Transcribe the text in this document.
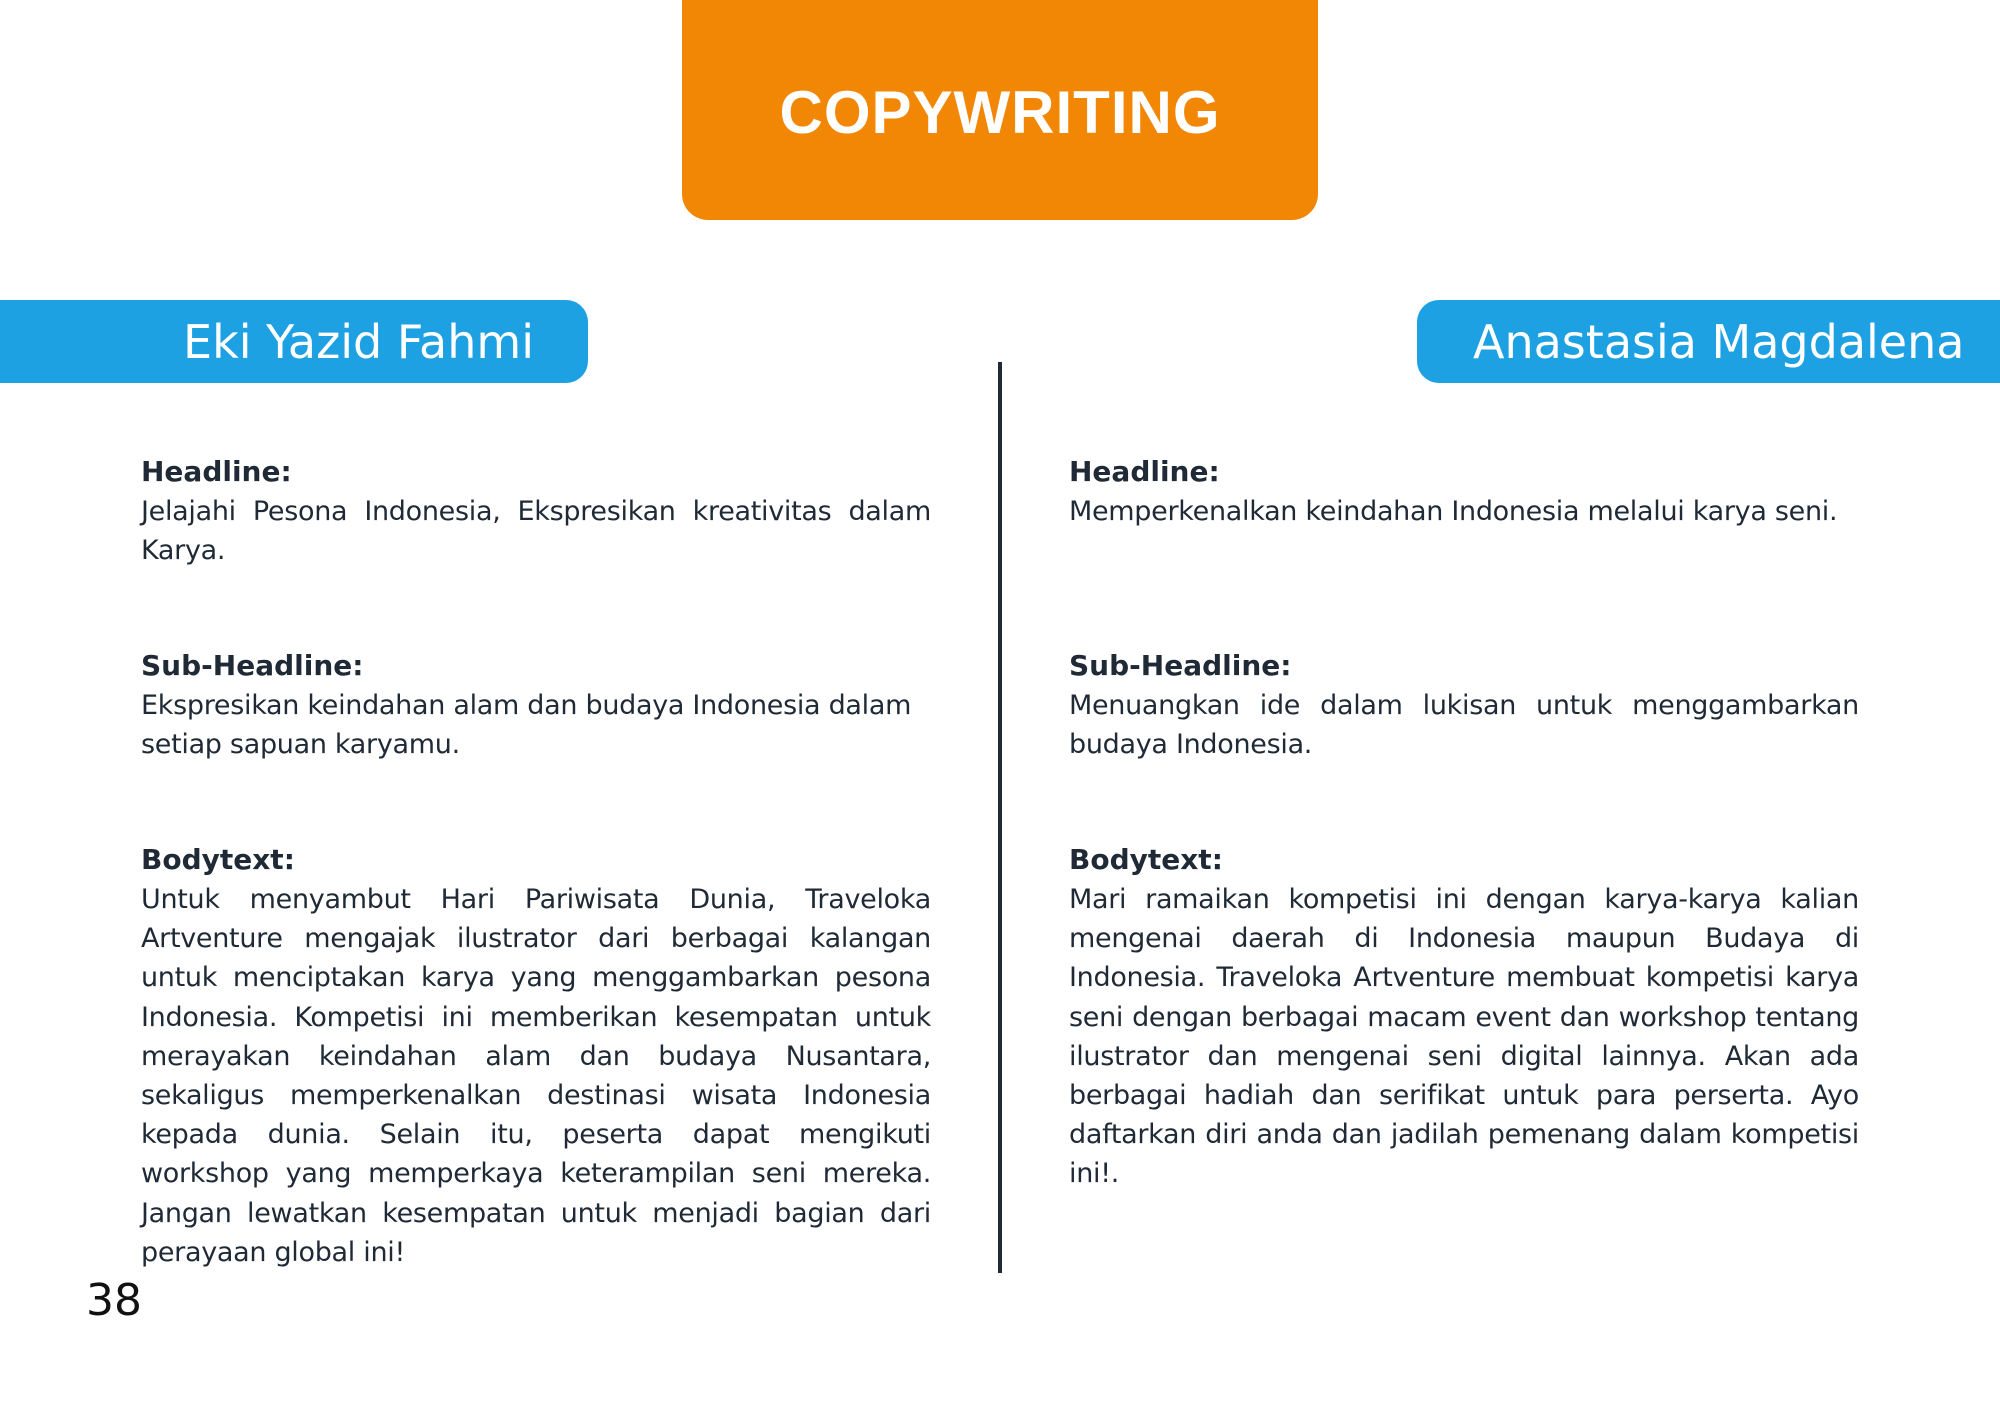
COPYWRITING
Eki Yazid Fahmi	Anastasia Magdalena

Headline:

Jelajahi Pesona Indonesia, Ekspresikan kreativitas dalam Karya.

Sub-Headline:

Ekspresikan keindahan alam dan budaya Indonesia dalam setiap sapuan karyamu.

Bodytext:

Untuk menyambut Hari Pariwisata Dunia, Traveloka Artventure mengajak ilustrator dari berbagai kalangan untuk menciptakan karya yang menggambarkan pesona Indonesia. Kompetisi ini memberikan kesempatan untuk merayakan keindahan alam dan budaya Nusantara, sekaligus memperkenalkan destinasi wisata Indonesia kepada dunia. Selain itu, peserta dapat mengikuti workshop yang memperkaya keterampilan seni mereka. Jangan lewatkan kesempatan untuk menjadi bagian dari perayaan global ini!

Headline:

Memperkenalkan keindahan Indonesia melalui karya seni.

Sub-Headline:

Menuangkan ide dalam lukisan untuk menggambarkan budaya Indonesia.

Bodytext:

Mari ramaikan kompetisi ini dengan karya-karya kalian mengenai daerah di Indonesia maupun Budaya di Indonesia. Traveloka Artventure membuat kompetisi karya seni dengan berbagai macam event dan workshop tentang ilustrator dan mengenai seni digital lainnya. Akan ada berbagai hadiah dan serifikat untuk para perserta. Ayo daftarkan diri anda dan jadilah pemenang dalam kompetisi ini!.

38
